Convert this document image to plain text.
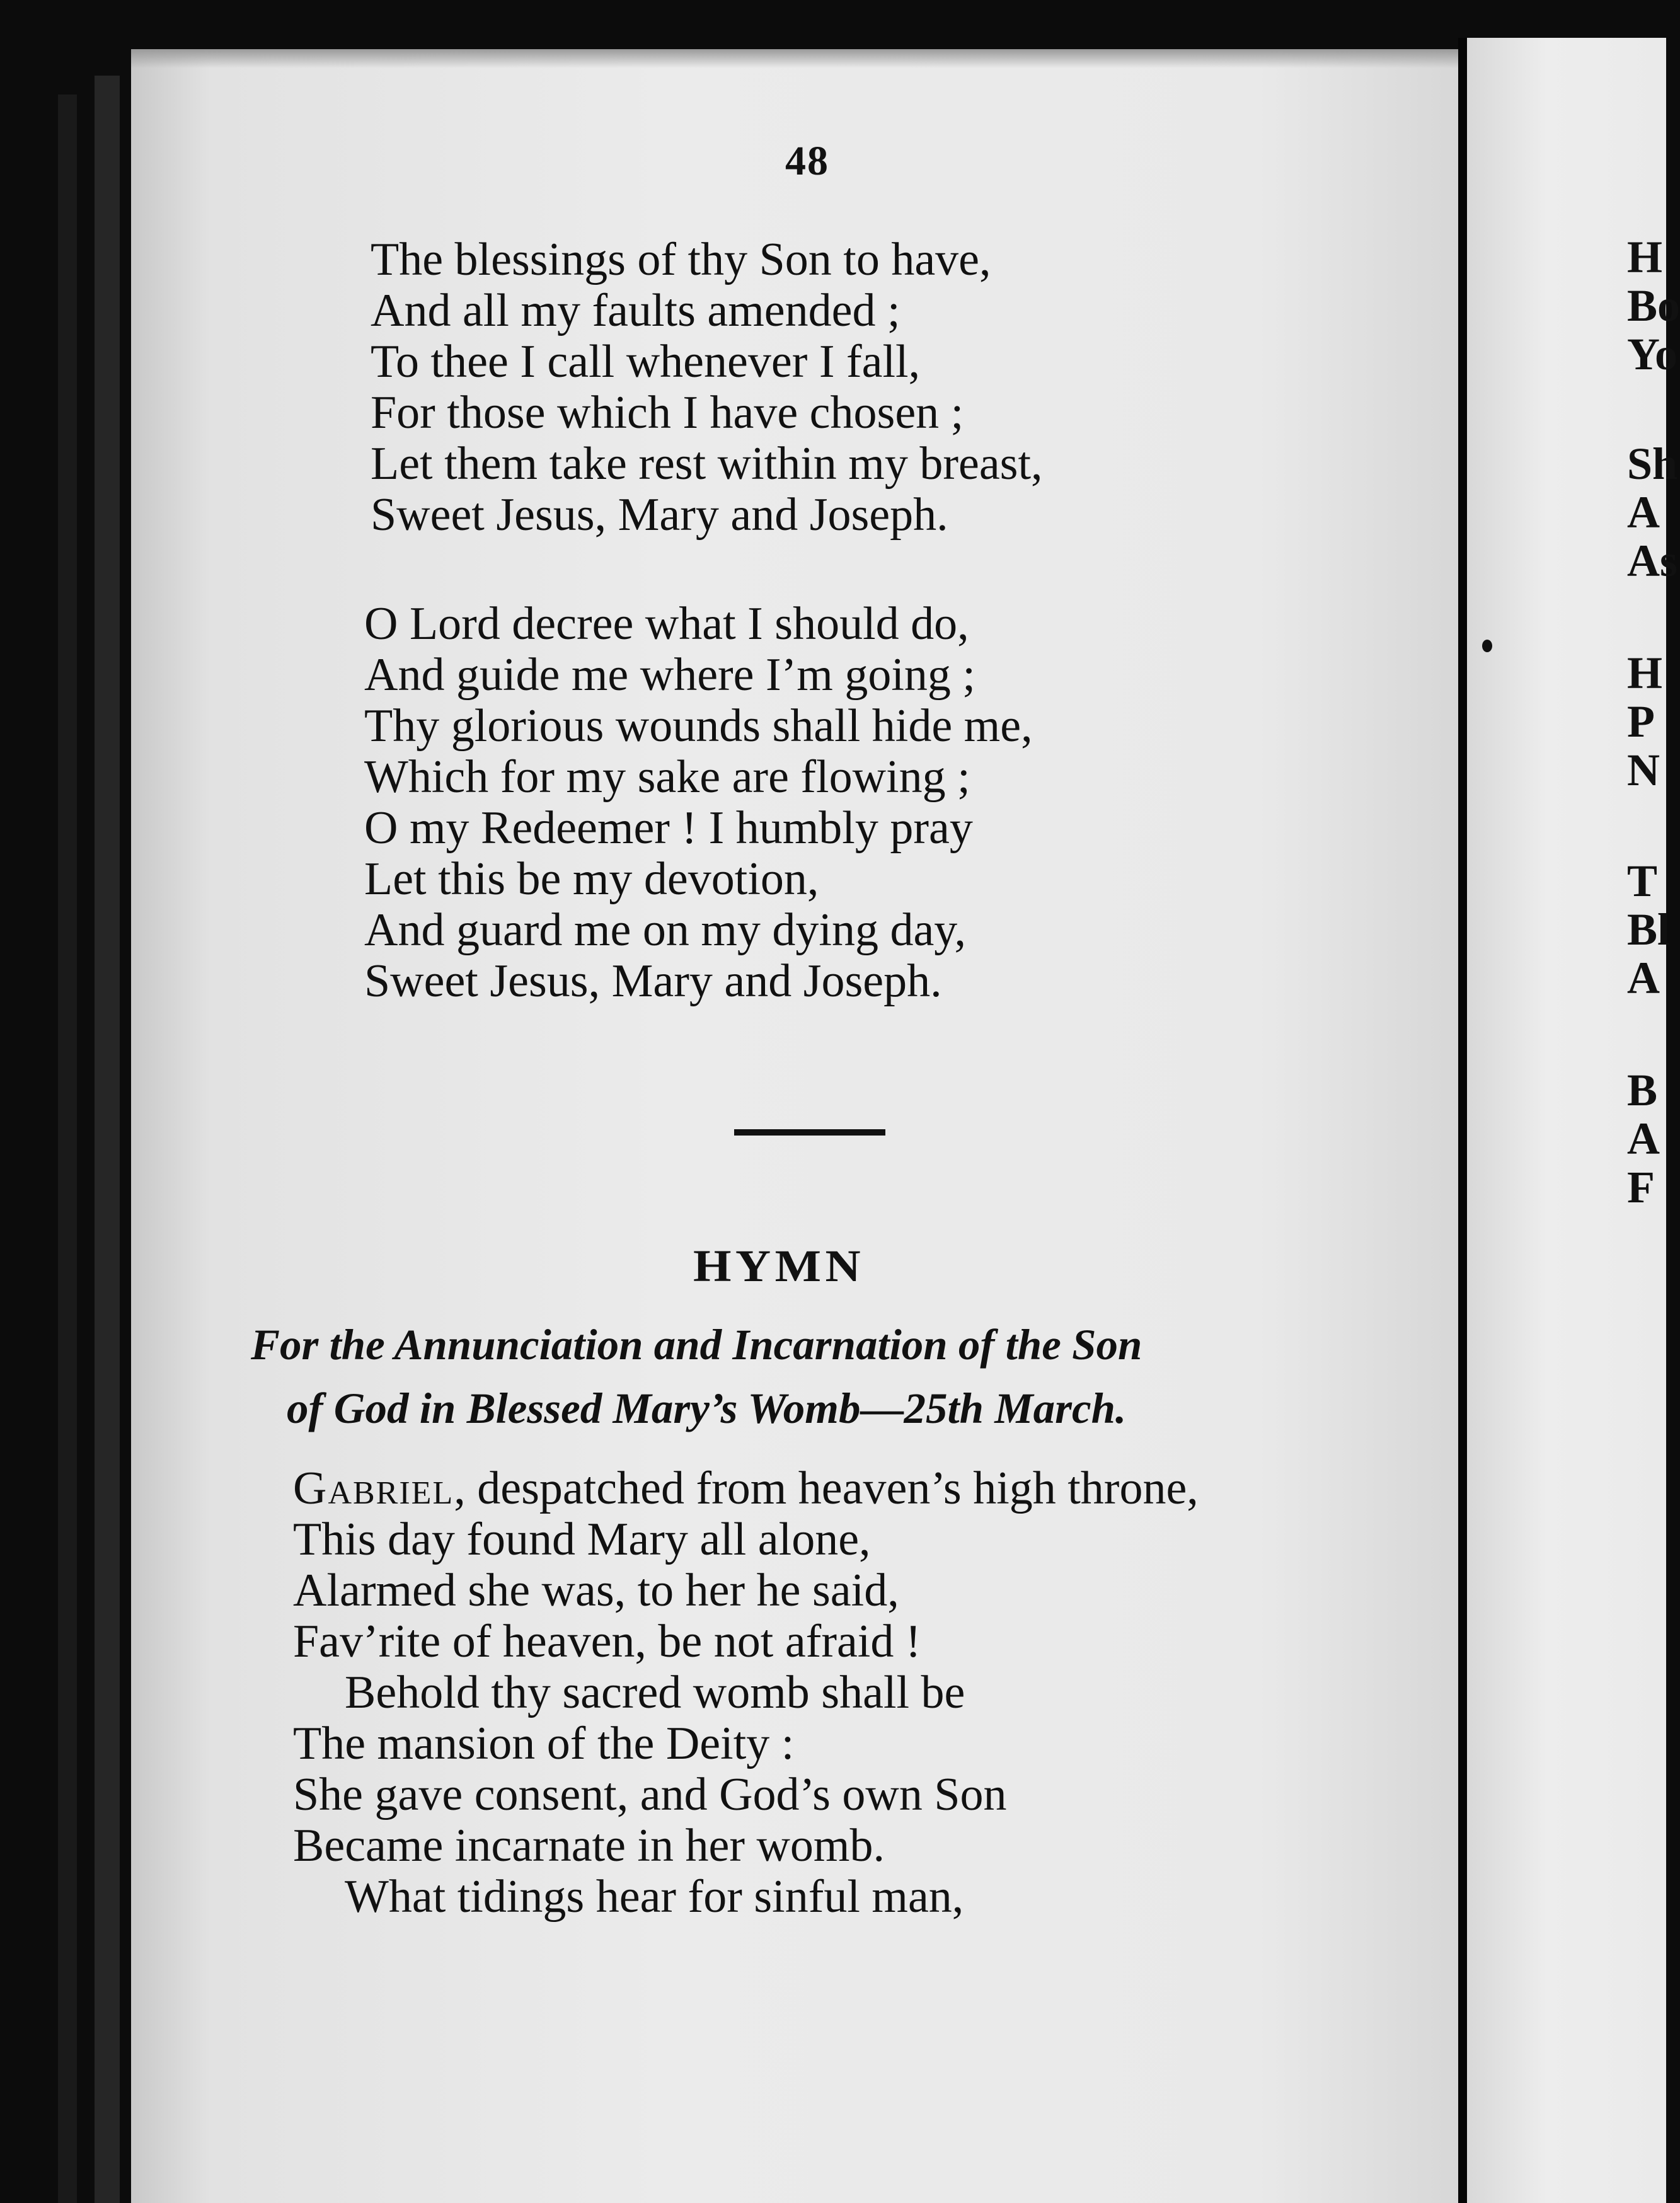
48
The blessings of thy Son to have,
And all my faults amended ;
To thee I call whenever I fall,
For those which I have chosen ;
Let them take rest within my breast,
Sweet Jesus, Mary and Joseph.
O Lord decree what I should do,
And guide me where I’m going ;
Thy glorious wounds shall hide me,
Which for my sake are flowing ;
O my Redeemer ! I humbly pray
Let this be my devotion,
And guard me on my dying day,
Sweet Jesus, Mary and Joseph.
HYMN
For the Annunciation and Incarnation of the Son
of God in Blessed Mary’s Womb—25th March.
Gabriel, despatched from heaven’s high throne,
This day found Mary all alone,
Alarmed she was, to her he said,
Fav’rite of heaven, be not afraid !
Behold thy sacred womb shall be
The mansion of the Deity :
She gave consent, and God’s own Son
Became incarnate in her womb.
What tidings hear for sinful man,
H
Bo
Yo
Sh
A
As
H
P
N
T
Bl
A
B
A
F
